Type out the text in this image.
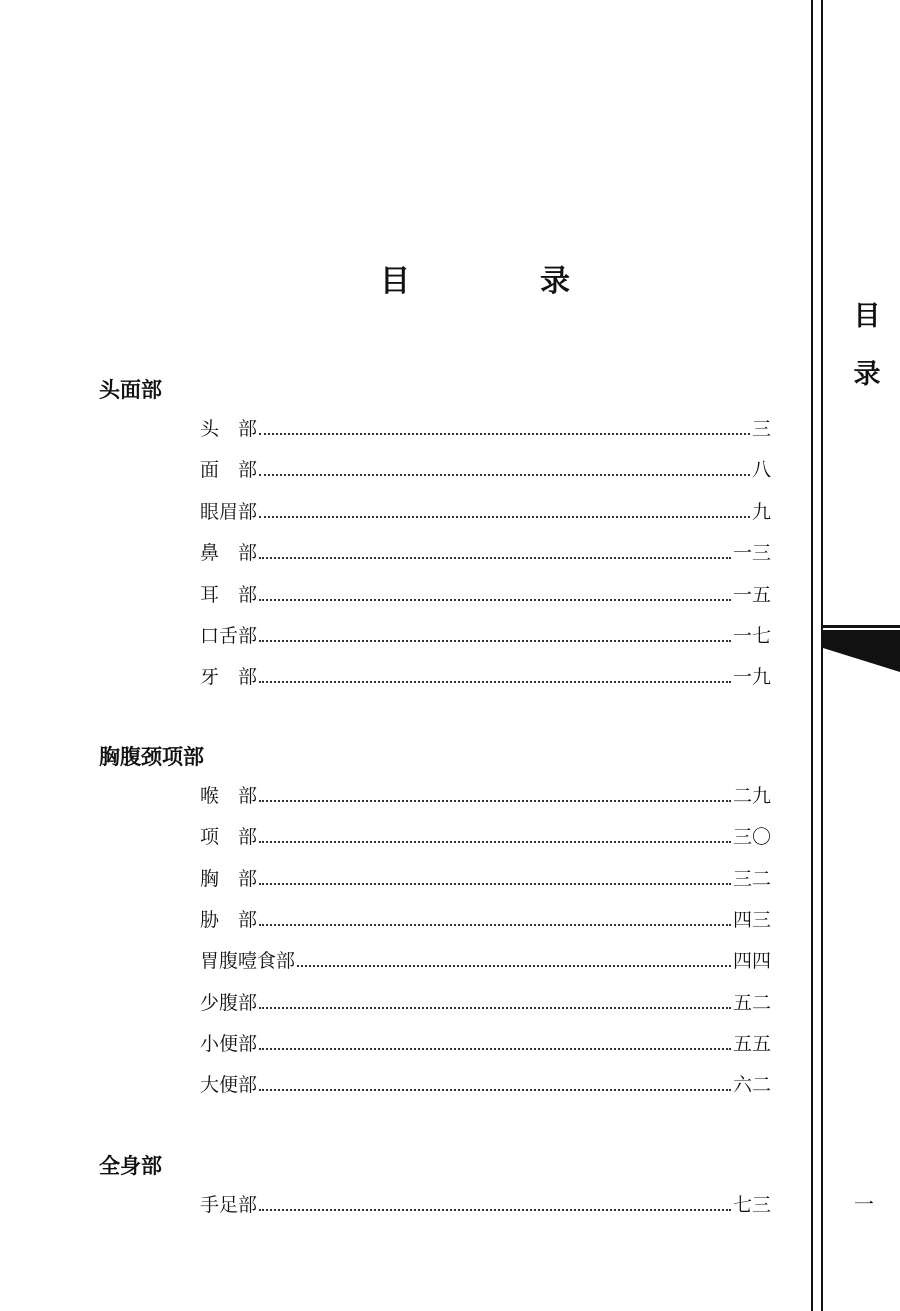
目　录
头面部
头　部	三
面　部	八
眼眉部	九
鼻　部	一三
耳　部	一五
口舌部	一七
牙　部	一九
胸腹颈项部
喉　部	二九
项　部	三〇
胸　部	三二
胁　部	四三
胃腹噎食部	四四
少腹部	五二
小便部	五五
大便部	六二
全身部
手足部	七三
目
录
一
